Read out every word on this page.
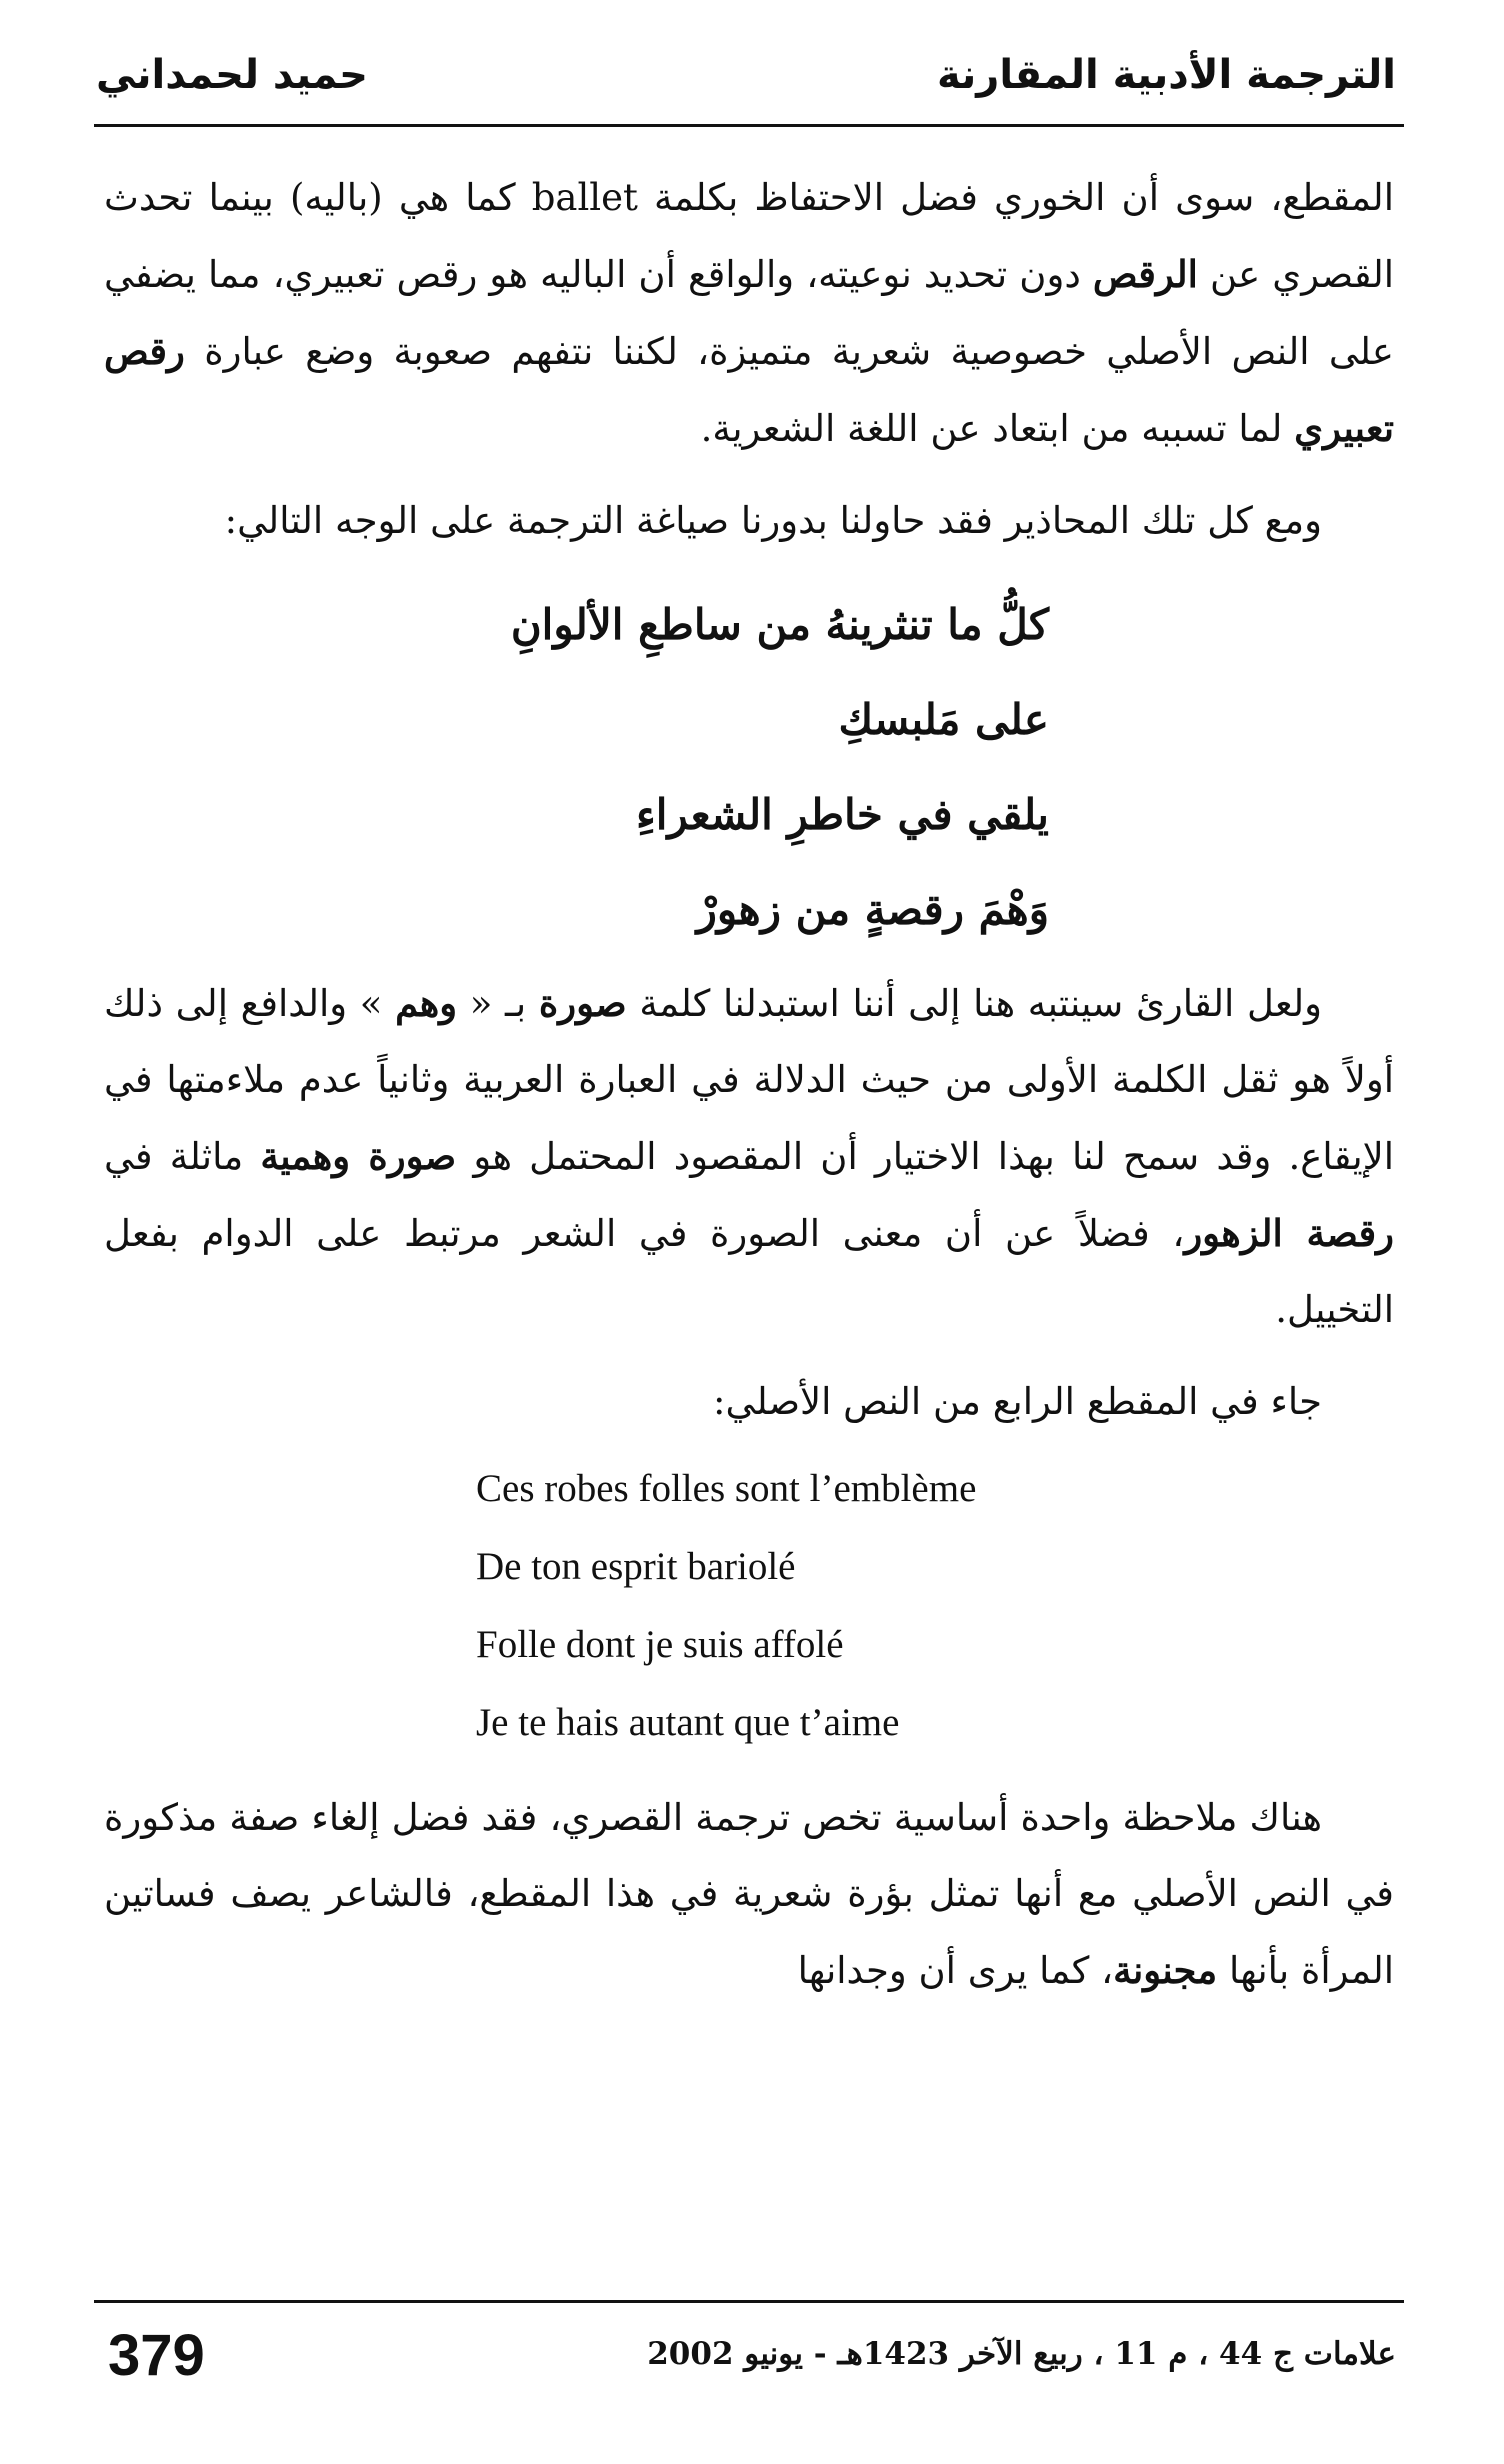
الترجمة الأدبية المقارنة
حميد لحمداني

المقطع، سوى أن الخوري فضل الاحتفاظ بكلمة ballet كما هي (باليه) بينما تحدث القصري عن الرقص دون تحديد نوعيته، والواقع أن الباليه هو رقص تعبيري، مما يضفي على النص الأصلي خصوصية شعرية متميزة، لكننا نتفهم صعوبة وضع عبارة رقص تعبيري لما تسببه من ابتعاد عن اللغة الشعرية.

ومع كل تلك المحاذير فقد حاولنا بدورنا صياغة الترجمة على الوجه التالي:

كلُّ ما تنثرينهُ من ساطعِ الألوانِ
على مَلبسكِ
يلقي في خاطرِ الشعراءِ
وَهْمَ رقصةٍ من زهورْ

ولعل القارئ سينتبه هنا إلى أننا استبدلنا كلمة صورة بـ « وهم » والدافع إلى ذلك أولاً هو ثقل الكلمة الأولى من حيث الدلالة في العبارة العربية وثانياً عدم ملاءمتها في الإيقاع. وقد سمح لنا بهذا الاختيار أن المقصود المحتمل هو صورة وهمية ماثلة في رقصة الزهور، فضلاً عن أن معنى الصورة في الشعر مرتبط على الدوام بفعل التخييل.

جاء في المقطع الرابع من النص الأصلي:

Ces robes folles sont l’emblème
De ton esprit bariolé
Folle dont je suis affolé
Je te hais autant que t’aime

هناك ملاحظة واحدة أساسية تخص ترجمة القصري، فقد فضل إلغاء صفة مذكورة في النص الأصلي مع أنها تمثل بؤرة شعرية في هذا المقطع، فالشاعر يصف فساتين المرأة بأنها مجنونة، كما يرى أن وجدانها

379	علامات ج 44 ، م 11 ، ربيع الآخر 1423هـ - يونيو 2002
